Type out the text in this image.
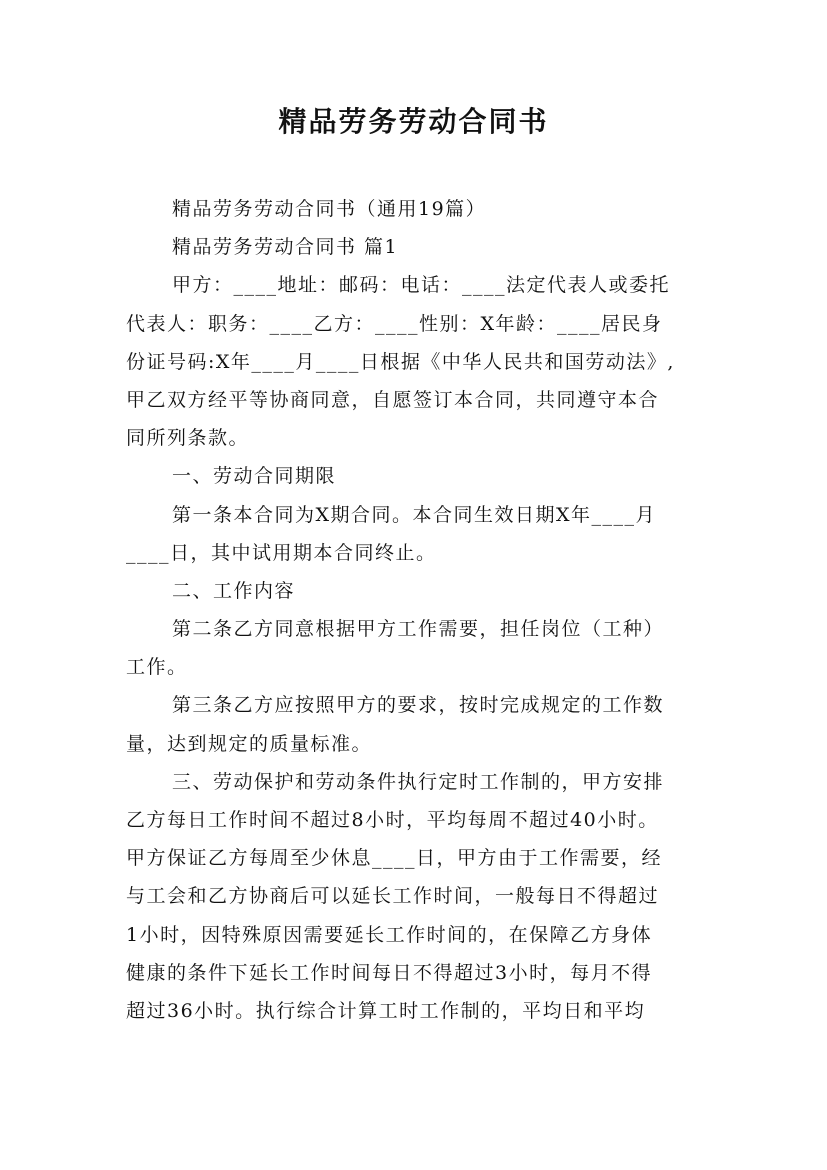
精品劳务劳动合同书
精品劳务劳动合同书（通用19篇）
精品劳务劳动合同书 篇1
甲方：____地址：邮码：电话：____法定代表人或委托
代表人：职务：____乙方：____性别：X年龄：____居民身
份证号码:X年____月____日根据《中华人民共和国劳动法》,
甲乙双方经平等协商同意，自愿签订本合同，共同遵守本合
同所列条款。
一、劳动合同期限
第一条本合同为X期合同。本合同生效日期X年____月
____日，其中试用期本合同终止。
二、工作内容
第二条乙方同意根据甲方工作需要，担任岗位（工种）
工作。
第三条乙方应按照甲方的要求，按时完成规定的工作数
量，达到规定的质量标准。
三、劳动保护和劳动条件执行定时工作制的，甲方安排
乙方每日工作时间不超过8小时，平均每周不超过40小时。
甲方保证乙方每周至少休息____日，甲方由于工作需要，经
与工会和乙方协商后可以延长工作时间，一般每日不得超过
1小时，因特殊原因需要延长工作时间的，在保障乙方身体
健康的条件下延长工作时间每日不得超过3小时，每月不得
超过36小时。执行综合计算工时工作制的，平均日和平均
